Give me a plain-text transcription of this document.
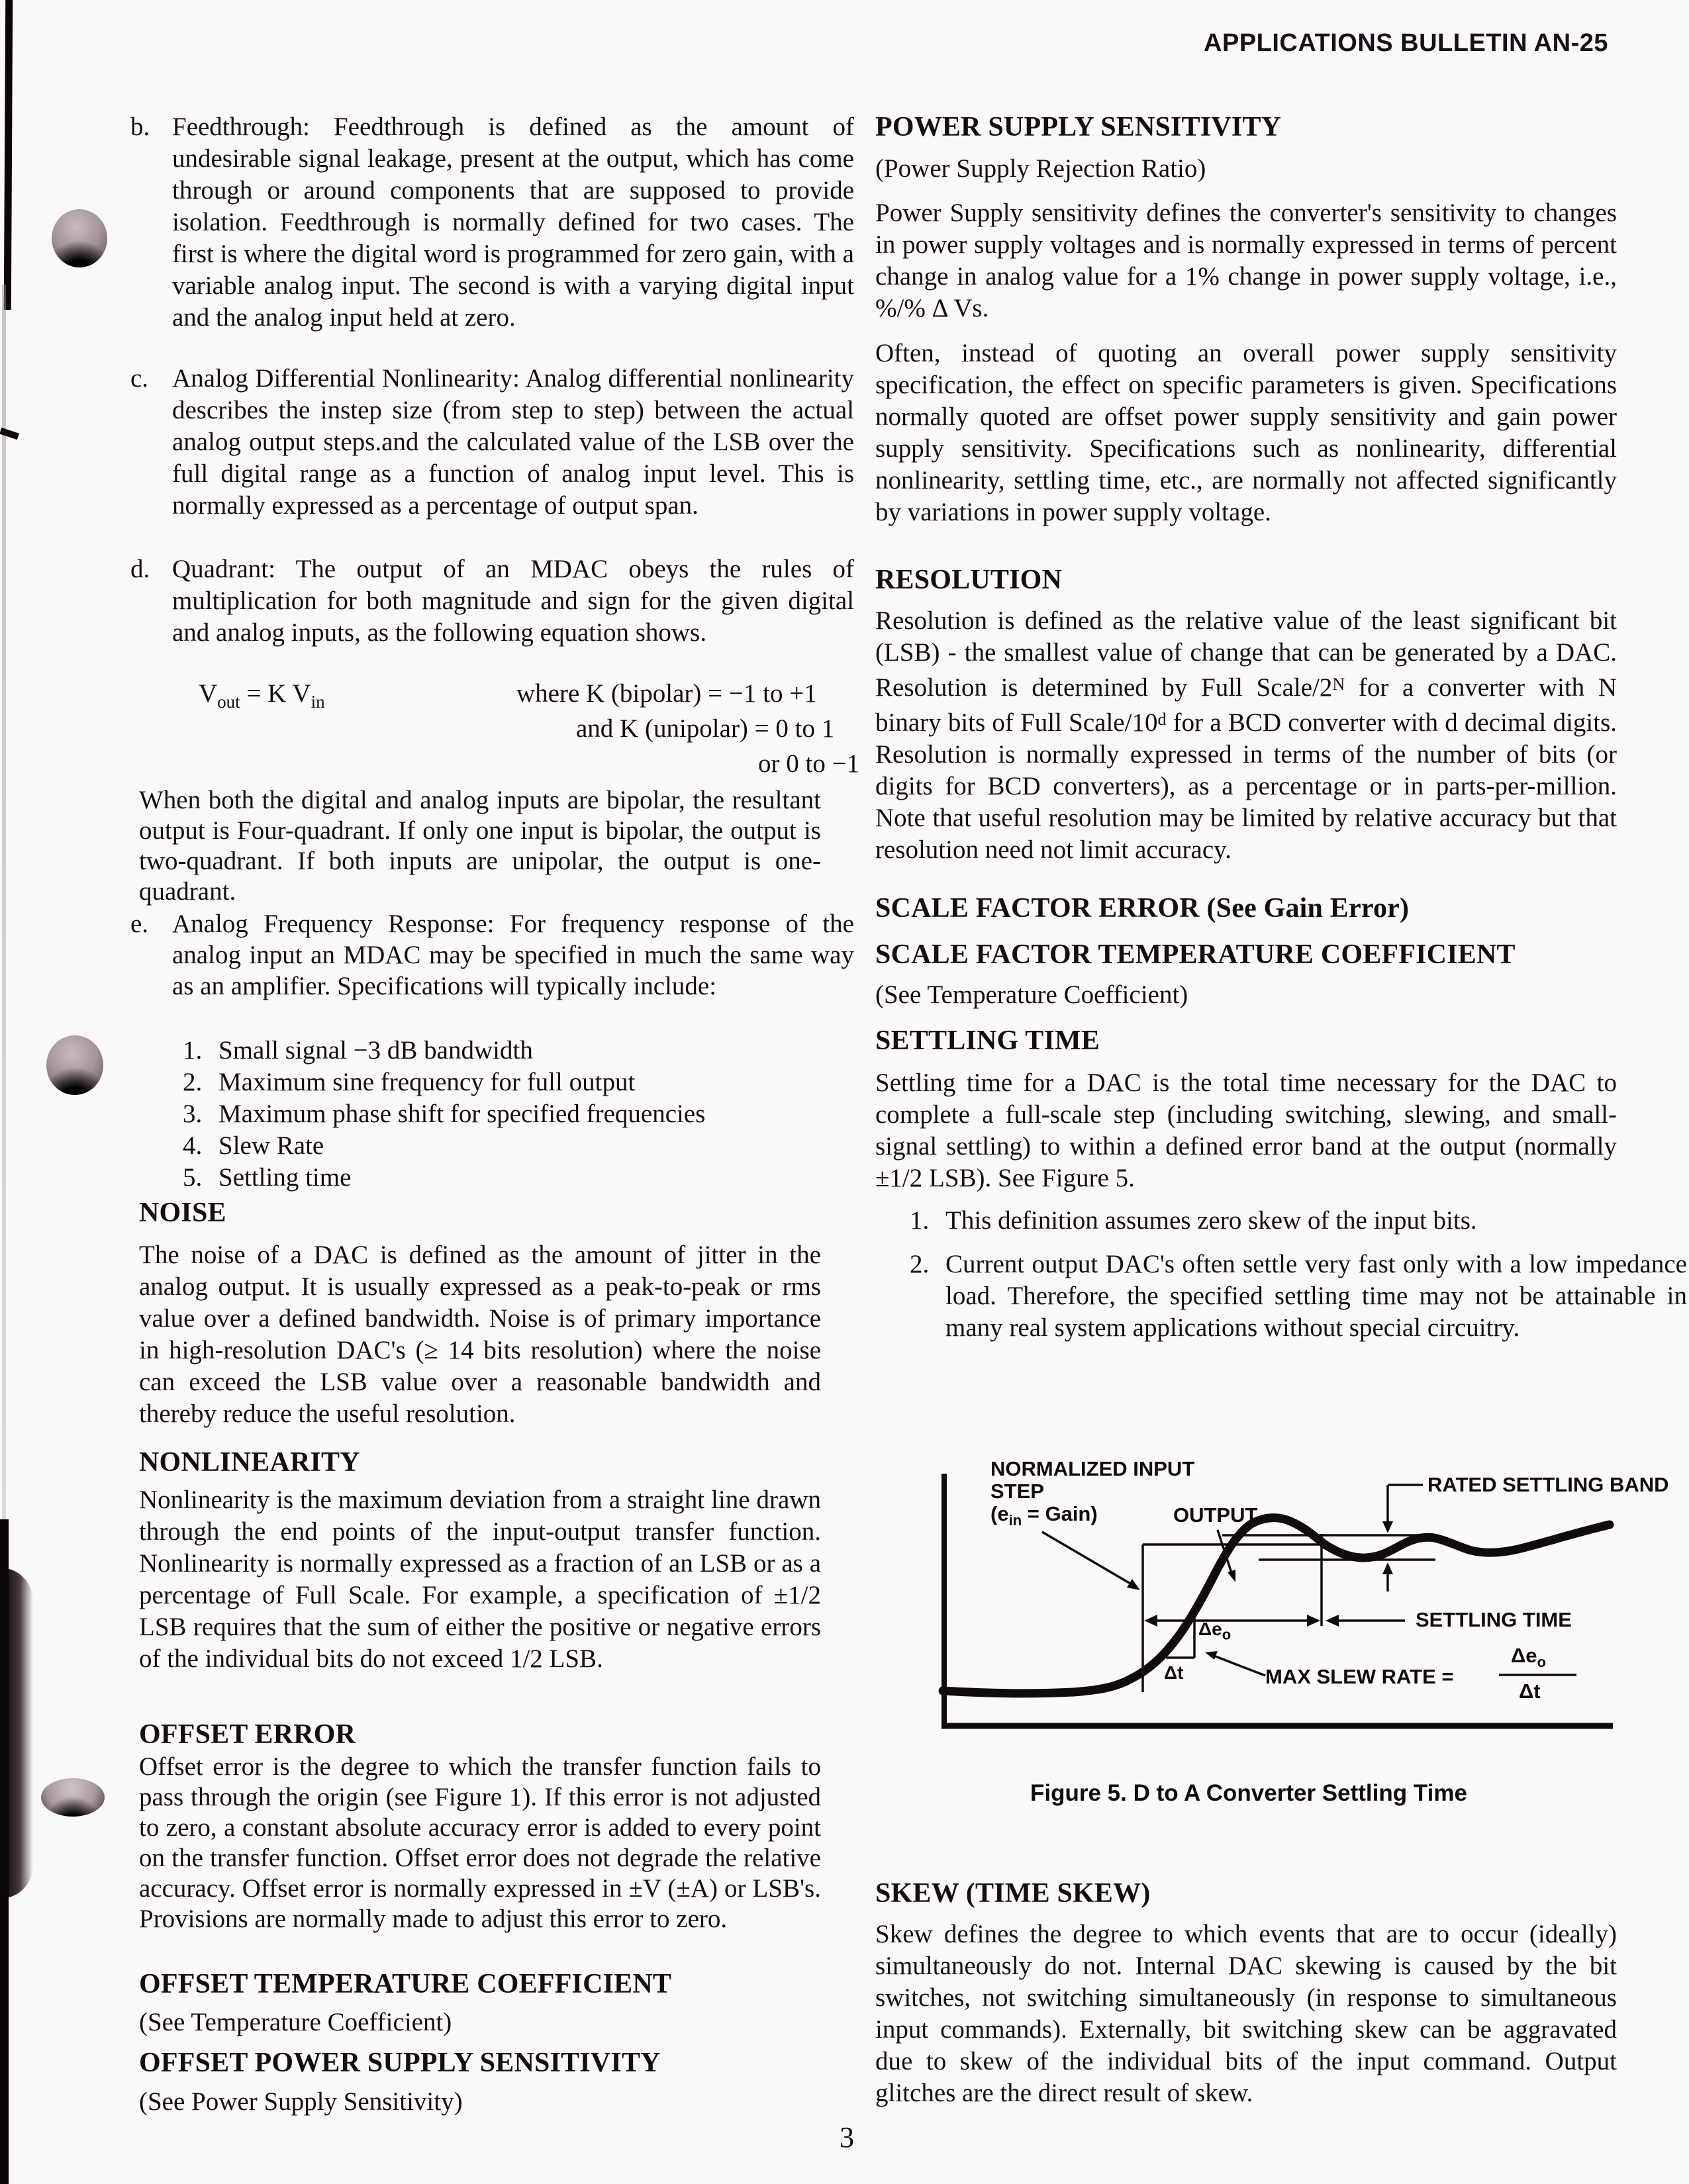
APPLICATIONS BULLETIN AN-25
b. Feedthrough: Feedthrough is defined as the amount of undesirable signal leakage, present at the output, which has come through or around components that are supposed to provide isolation. Feedthrough is normally defined for two cases. The first is where the digital word is programmed for zero gain, with a variable analog input. The second is with a varying digital input and the analog input held at zero.
c. Analog Differential Nonlinearity: Analog differential nonlinearity describes the instep size (from step to step) between the actual analog output steps.and the calculated value of the LSB over the full digital range as a function of analog input level. This is normally expressed as a percentage of output span.
d. Quadrant: The output of an MDAC obeys the rules of multiplication for both magnitude and sign for the given digital and analog inputs, as the following equation shows.
$V_{out} = K$ $V_{in}$	where K (bipolar) = −1 to +1
and K (unipolar) = 0 to 1
or 0 to −1
When both the digital and analog inputs are bipolar, the resultant output is Four-quadrant. If only one input is bipolar, the output is two-quadrant. If both inputs are unipolar, the output is one-quadrant.
e. Analog Frequency Response: For frequency response of the analog input an MDAC may be specified in much the same way as an amplifier. Specifications will typically include:
1. Small signal −3 dB bandwidth
2. Maximum sine frequency for full output
3. Maximum phase shift for specified frequencies
4. Slew Rate
5. Settling time
NOISE
The noise of a DAC is defined as the amount of jitter in the analog output. It is usually expressed as a peak-to-peak or rms value over a defined bandwidth. Noise is of primary importance in high-resolution DAC's (≥ 14 bits resolution) where the noise can exceed the LSB value over a reasonable bandwidth and thereby reduce the useful resolution.
NONLINEARITY
Nonlinearity is the maximum deviation from a straight line drawn through the end points of the input-output transfer function. Nonlinearity is normally expressed as a fraction of an LSB or as a percentage of Full Scale. For example, a specification of ±1/2 LSB requires that the sum of either the positive or negative errors of the individual bits do not exceed 1/2 LSB.
OFFSET ERROR
Offset error is the degree to which the transfer function fails to pass through the origin (see Figure 1). If this error is not adjusted to zero, a constant absolute accuracy error is added to every point on the transfer function. Offset error does not degrade the relative accuracy. Offset error is normally expressed in ±V (±A) or LSB's. Provisions are normally made to adjust this error to zero.
OFFSET TEMPERATURE COEFFICIENT
(See Temperature Coefficient)
OFFSET POWER SUPPLY SENSITIVITY
(See Power Supply Sensitivity)
POWER SUPPLY SENSITIVITY
(Power Supply Rejection Ratio)
Power Supply sensitivity defines the converter's sensitivity to changes in power supply voltages and is normally expressed in terms of percent change in analog value for a 1% change in power supply voltage, i.e., %/% Δ Vs.
Often, instead of quoting an overall power supply sensitivity specification, the effect on specific parameters is given. Specifications normally quoted are offset power supply sensitivity and gain power supply sensitivity. Specifications such as nonlinearity, differential nonlinearity, settling time, etc., are normally not affected significantly by variations in power supply voltage.
RESOLUTION
Resolution is defined as the relative value of the least significant bit (LSB) - the smallest value of change that can be generated by a DAC. Resolution is determined by Full Scale/$2^N$ for a converter with N binary bits of Full Scale/10$^d$ for a BCD converter with d decimal digits. Resolution is normally expressed in terms of the number of bits (or digits for BCD converters), as a percentage or in parts-per-million. Note that useful resolution may be limited by relative accuracy but that resolution need not limit accuracy.
SCALE FACTOR ERROR (See Gain Error)
SCALE FACTOR TEMPERATURE COEFFICIENT
(See Temperature Coefficient)
SETTLING TIME
Settling time for a DAC is the total time necessary for the DAC to complete a full-scale step (including switching, slewing, and small-signal settling) to within a defined error band at the output (normally ±1/2 LSB). See Figure 5.
1. This definition assumes zero skew of the input bits.
2. Current output DAC's often settle very fast only with a low impedance load. Therefore, the specified settling time may not be attainable in many real system applications without special circuitry.
NORMALIZED INPUT
STEP
($e_{in}$ = Gain)	OUTPUT
RATED SETTLING BAND
SETTLING TIME
MAX SLEW RATE =
$\Delta e_o$
Δt
$\Delta e_o$
Δt
Figure 5. D to A Converter Settling Time
SKEW (TIME SKEW)
Skew defines the degree to which events that are to occur (ideally) simultaneously do not. Internal DAC skewing is caused by the bit switches, not switching simultaneously (in response to simultaneous input commands). Externally, bit switching skew can be aggravated due to skew of the individual bits of the input command. Output glitches are the direct result of skew.
3
